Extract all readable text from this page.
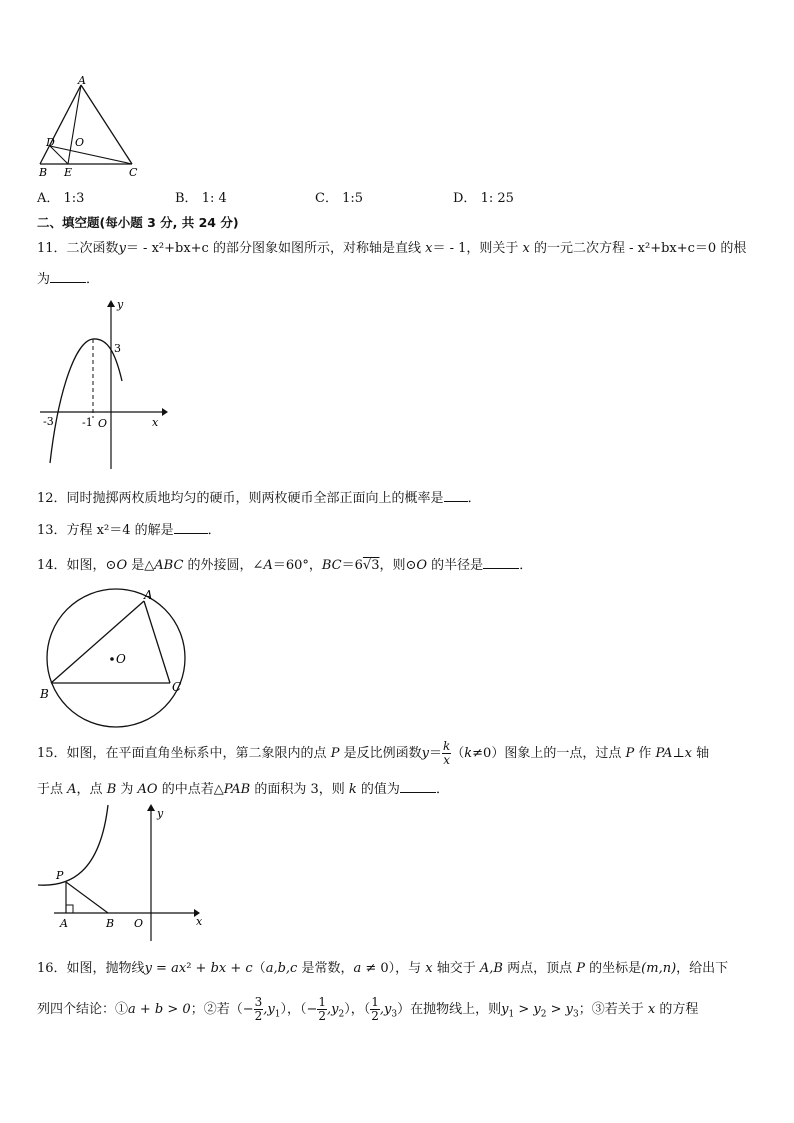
A
D O
B E	C
A． 1:3	B． 1: 4	C． 1:5	D． 1: 25
二、填空题(每小题 3 分, 共 24 分)
11．二次函数y＝ - x²+bx+c 的部分图象如图所示，对称轴是直线 x＝ - 1，则关于 x 的一元二次方程 - x²+bx+c＝0 的根
为	．
y
3
-3	-1 O	x
12．同时抛掷两枚质地均匀的硬币，则两枚硬币全部正面向上的概率是 ．
13．方程 x²＝4 的解是	．
14．如图，⊙O 是△ABC 的外接圆，∠A＝60°，BC＝6√3，则⊙O 的半径是	．
A
O
B	C
15．如图，在平面直角坐标系中，第二象限内的点 P 是反比例函数$y= \frac{k}{x} (k\ne 0)$图象上的一点，过点 P 作 PA⊥x 轴
于点 A，点 B 为 AO 的中点若△PAB 的面积为 3，则 k 的值为	．
y
P
A	B O	x
16．如图，抛物线y = ax² + bx + c（a,b,c 是常数，a ≠ 0），与 x 轴交于 A,B 两点，顶点 P 的坐标是(m,n)，给出下
列四个结论：①a + b > 0；②若（− $\frac{3}{2} ,y_1$），（− $\frac{1}{2} ,y_2$），（ $\frac{1}{2} ,y_3$）在抛物线上，则$y_1 > y_2 > y_3$；③若关于 x 的方程
